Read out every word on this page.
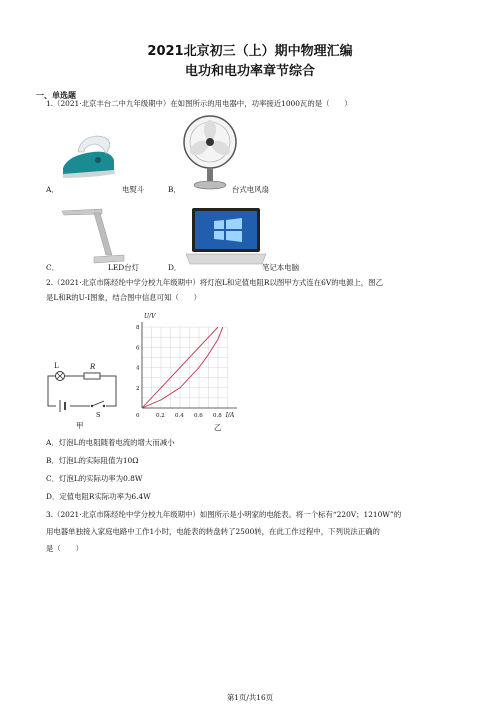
2021北京初三（上）期中物理汇编
电功和电功率章节综合
一、单选题
1.（2021·北京丰台二中九年级期中）在如图所示的用电器中，功率接近1000瓦的是（　　）
A．	电熨斗	B．	台式电风扇
C．	LED台灯	D．	笔记本电脑
2.（2021·北京市陈经纶中学分校九年级期中）将灯泡L和定值电阻R以图甲方式连在6V的电源上，图乙
是L和R的U-I图象，结合图中信息可知（　　）
L	R
S
甲
0	0.2 0.4 0.6 0.8
2
4
6
8
I/A
U/V
乙
A．灯泡L的电阻随着电流的增大而减小
B．灯泡L的实际阻值为10Ω
C．灯泡L的实际功率为0.8W
D．定值电阻R实际功率为6.4W
3.（2021·北京市陈经纶中学分校九年级期中）如图所示是小明家的电能表。将一个标有“220V；1210W”的
用电器单独接入家庭电路中工作1小时，电能表的转盘转了2500转，在此工作过程中，下列说法正确的
是（　　）
第1页/共16页
